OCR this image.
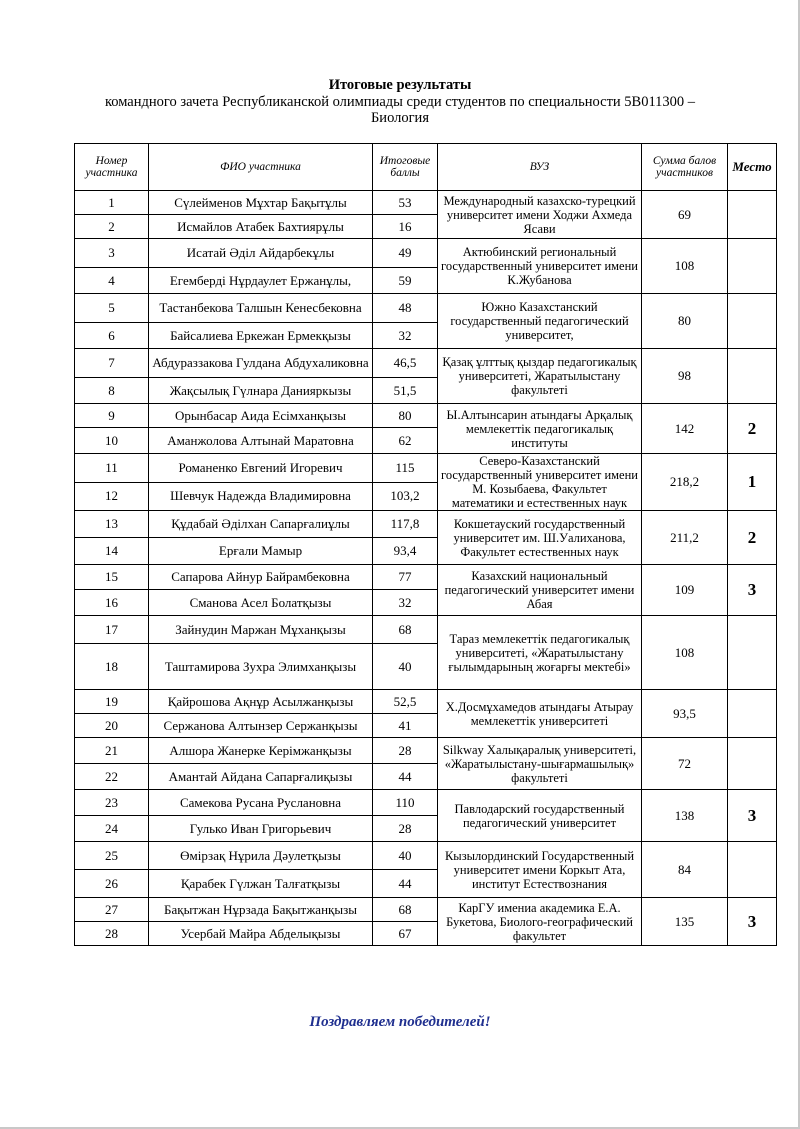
Итоговые результаты
командного зачета Республиканской олимпиады среди студентов по специальности 5В011300 –
Биология
Номер участника	ФИО участника	Итоговые баллы	ВУЗ	Сумма балов участников	Место
1	Сүлейменов Мұхтар Бақытұлы	53	Международный казахско-турецкий университет имени Ходжи Ахмеда Ясави	69	
2	Исмайлов Атабек Бахтиярұлы	16			
3	Исатай Әділ Айдарбекұлы	49	Актюбинский региональный государственный университет имени К.Жубанова	108	
4	Егемберді Нұрдаулет Ержанұлы,	59			
5	Тастанбекова Талшын Кенесбековна	48	Южно Казахстанский государственный педагогический университет,	80	
6	Байсалиева Еркежан Ермекқызы	32			
7	Абдураззакова Гулдана Абдухаликовна	46,5	Қазақ ұлттық қыздар педагогикалық университеті, Жаратылыстану факультеті	98	
8	Жақсылық Гүлнара Данияркызы	51,5			
9	Орынбасар Аида Есімханқызы	80	Ы.Алтынсарин атындағы Арқалық мемлекеттік педагогикалық институты	142	2
10	Аманжолова Алтынай Маратовна	62			
11	Романенко Евгений Игоревич	115	Северо-Казахстанский государственный университет имени М. Козыбаева, Факультет математики и естественных наук	218,2	1
12	Шевчук Надежда Владимировна	103,2			
13	Құдабай Әділхан Сапарғалиұлы	117,8	Кокшетауский государственный университет им. Ш.Уалиханова, Факультет естественных наук	211,2	2
14	Ерғали Мамыр	93,4			
15	Сапарова Айнур Байрамбековна	77	Казахский национальный педагогический университет имени Абая	109	3
16	Сманова Асел Болатқызы	32			
17	Зайнудин Маржан Мұханқызы	68	Тараз мемлекеттік педагогикалық университеті, «Жаратылыстану ғылымдарының жоғарғы мектебі»	108	
18	Таштамирова Зухра Элимханқызы	40			
19	Қайрошова Ақнұр Асылжанқызы	52,5	Х.Досмұхамедов атындағы Атырау мемлекеттік университеті	93,5	
20	Сержанова Алтынзер Сержанқызы	41			
21	Алшора Жанерке Керімжанқызы	28	Silkway Халықаралық университеті, «Жаратылыстану-шығармашылық» факультеті	72	
22	Амантай Айдана Сапарғалиқызы	44			
23	Самекова Русана Руслановна	110	Павлодарский государственный педагогический университет	138	3
24	Гулько Иван Григорьевич	28			
25	Өмірзақ Нұрила Дәулетқызы	40	Кызылординский Государственный университет имени Коркыт Ата, институт Естествознания	84	
26	Қарабек Гүлжан Талғатқызы	44			
27	Бақытжан Нұрзада Бақытжанқызы	68	КарГУ имениа академика Е.А. Букетова, Биолого-географический факультет	135	3
28	Усербай Майра Абделықызы	67			
Поздравляем победителей!
